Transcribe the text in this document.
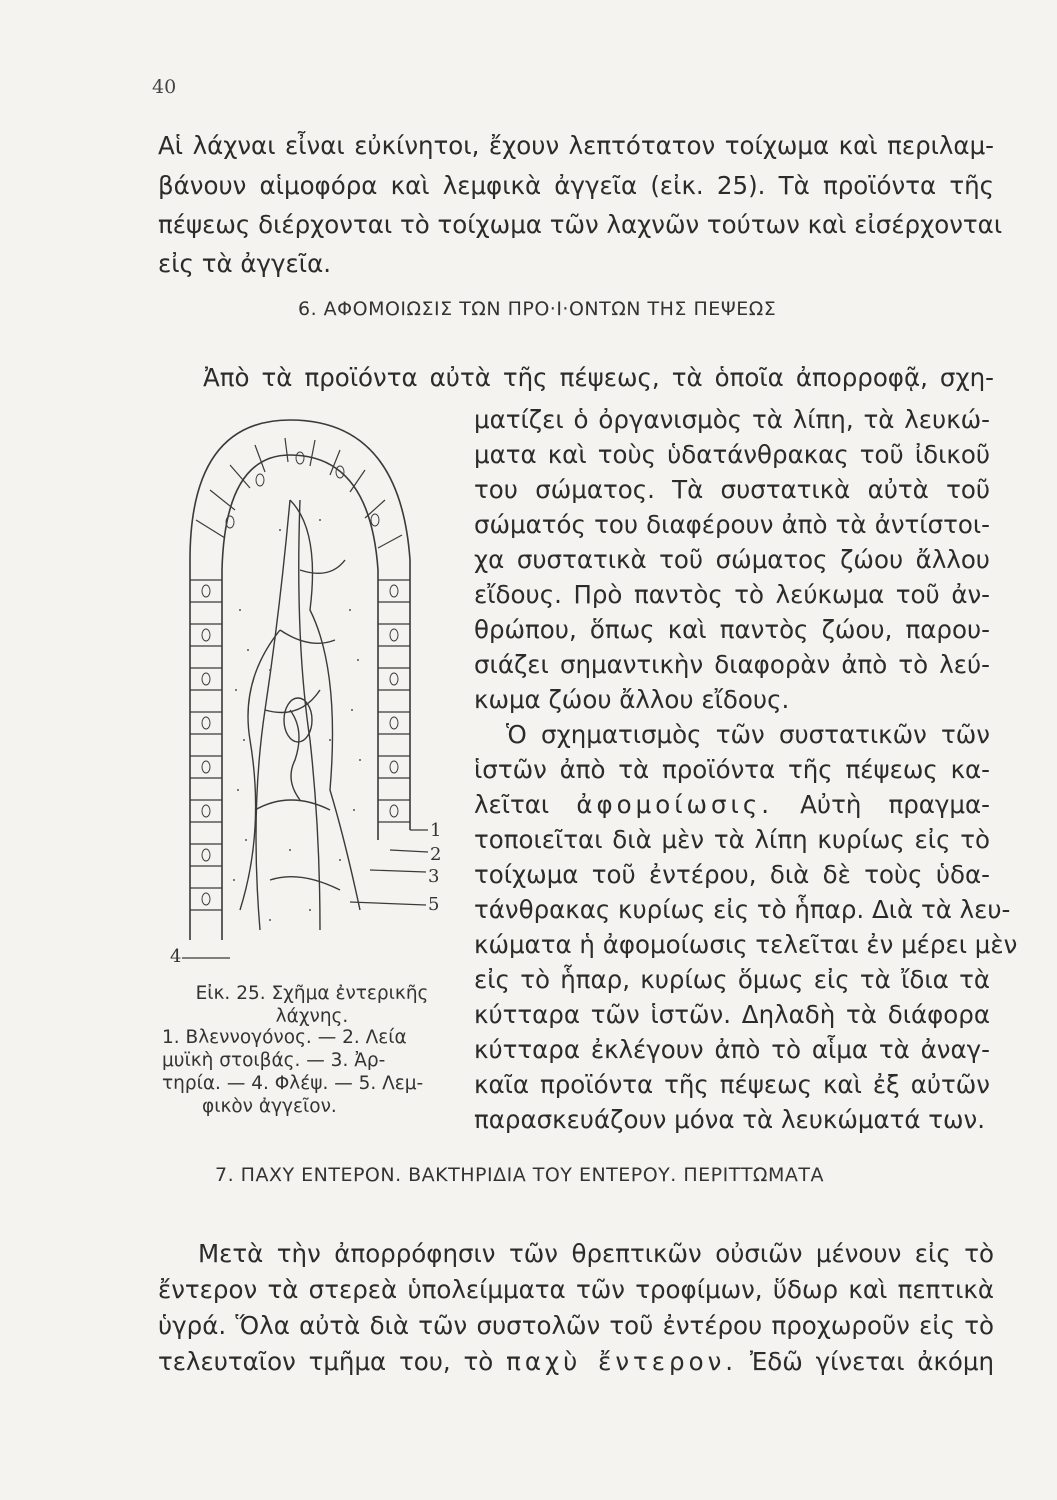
40
Αἱ λάχναι εἶναι εὐκίνητοι, ἔχουν λεπτότατον τοίχωμα καὶ περιλαμ-
βάνουν αἱμοφόρα καὶ λεμφικὰ ἀγγεῖα (εἰκ. 25). Τὰ προϊόντα τῆς
πέψεως διέρχονται τὸ τοίχωμα τῶν λαχνῶν τούτων καὶ εἰσέρχονται
εἰς τὰ ἀγγεῖα.
6. ΑΦΟΜΟΙΩΣΙΣ ΤΩΝ ΠΡΟ·Ι·ΟΝΤΩΝ ΤΗΣ ΠΕΨΕΩΣ
Ἀπὸ τὰ προϊόντα αὐτὰ τῆς πέψεως, τὰ ὁποῖα ἀπορροφᾷ, σχη-
ματίζει ὁ ὀργανισμὸς τὰ λίπη, τὰ λευκώ-
ματα καὶ τοὺς ὑδατάνθρακας τοῦ ἰδικοῦ
του σώματος. Τὰ συστατικὰ αὐτὰ τοῦ
σώματός του διαφέρουν ἀπὸ τὰ ἀντίστοι-
χα συστατικὰ τοῦ σώματος ζώου ἄλλου
εἴδους. Πρὸ παντὸς τὸ λεύκωμα τοῦ ἀν-
θρώπου, ὅπως καὶ παντὸς ζώου, παρου-
σιάζει σημαντικὴν διαφορὰν ἀπὸ τὸ λεύ-
κωμα ζώου ἄλλου εἴδους.
Ὁ σχηματισμὸς τῶν συστατικῶν τῶν
ἱστῶν ἀπὸ τὰ προϊόντα τῆς πέψεως κα-
λεῖται ἀφομοίωσις. Αὐτὴ πραγμα-
τοποιεῖται διὰ μὲν τὰ λίπη κυρίως εἰς τὸ
τοίχωμα τοῦ ἐντέρου, διὰ δὲ τοὺς ὑδα-
τάνθρακας κυρίως εἰς τὸ ἧπαρ. Διὰ τὰ λευ-
κώματα ἡ ἀφομοίωσις τελεῖται ἐν μέρει μὲν
εἰς τὸ ἧπαρ, κυρίως ὅμως εἰς τὰ ἴδια τὰ
κύτταρα τῶν ἱστῶν. Δηλαδὴ τὰ διάφορα
κύτταρα ἐκλέγουν ἀπὸ τὸ αἷμα τὰ ἀναγ-
καῖα προϊόντα τῆς πέψεως καὶ ἐξ αὐτῶν
παρασκευάζουν μόνα τὰ λευκώματά των.
1
2
3
5
4
Εἰκ. 25. Σχῆμα ἐντερικῆς
λάχνης.
1. Βλεννογόνος. — 2. Λεία
μυϊκὴ στοιβάς. — 3. Ἀρ-
τηρία. — 4. Φλέψ. — 5. Λεμ-
φικὸν ἀγγεῖον.
7. ΠΑΧΥ ΕΝΤΕΡΟΝ. ΒΑΚΤΗΡΙΔΙΑ ΤΟΥ ΕΝΤΕΡΟΥ. ΠΕΡΙΤΤΩΜΑΤΑ
Μετὰ τὴν ἀπορρόφησιν τῶν θρεπτικῶν οὐσιῶν μένουν εἰς τὸ
ἔντερον τὰ στερεὰ ὑπολείμματα τῶν τροφίμων, ὕδωρ καὶ πεπτικὰ
ὑγρά. Ὅλα αὐτὰ διὰ τῶν συστολῶν τοῦ ἐντέρου προχωροῦν εἰς τὸ
τελευταῖον τμῆμα του, τὸ παχὺ ἔντερον. Ἐδῶ γίνεται ἀκόμη
